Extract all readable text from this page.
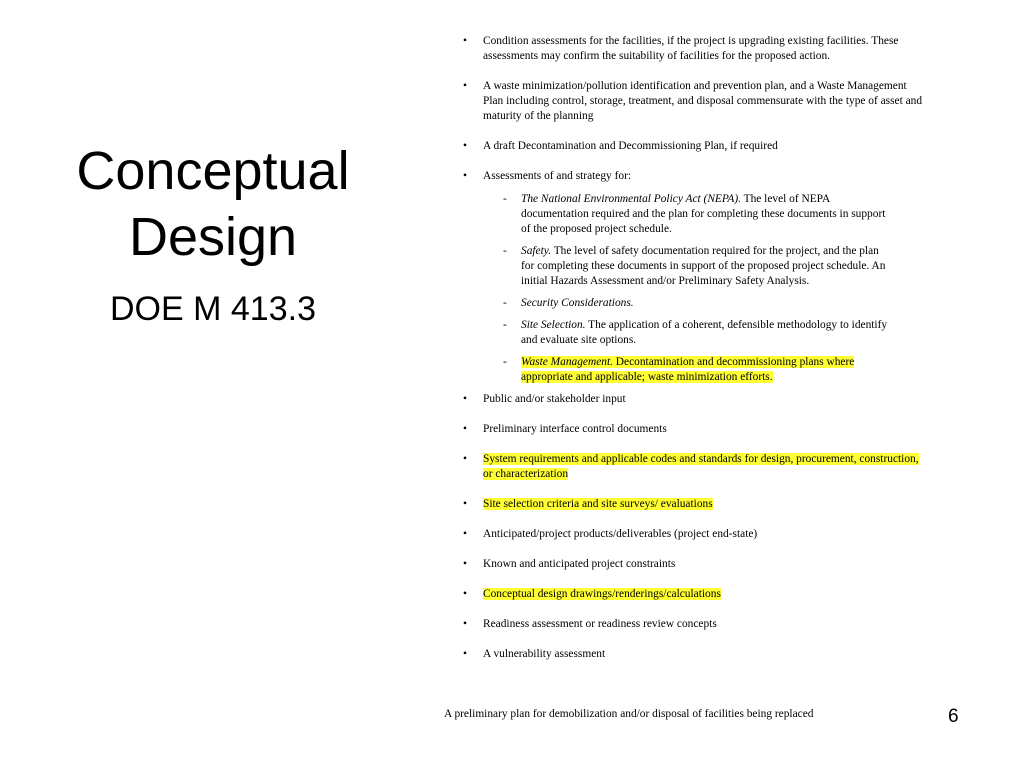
Conceptual
Design
DOE M 413.3
•	Condition assessments for the facilities, if the project is upgrading existing facilities. These assessments may confirm the suitability of facilities for the proposed action.
•	A waste minimization/pollution identification and prevention plan, and a Waste Management Plan including control, storage, treatment, and disposal commensurate with the type of asset and maturity of the planning
•	A draft Decontamination and Decommissioning Plan, if required
•	Assessments of and strategy for:
- The National Environmental Policy Act (NEPA). The level of NEPA documentation required and the plan for completing these documents in support of the proposed project schedule.
- Safety. The level of safety documentation required for the project, and the plan for completing these documents in support of the proposed project schedule. An initial Hazards Assessment and/or Preliminary Safety Analysis.
- Security Considerations.
- Site Selection. The application of a coherent, defensible methodology to identify and evaluate site options.
- Waste Management. Decontamination and decommissioning plans where appropriate and applicable; waste minimization efforts.
•	Public and/or stakeholder input
•	Preliminary interface control documents
•	System requirements and applicable codes and standards for design, procurement, construction, or characterization
•	Site selection criteria and site surveys/ evaluations
•	Anticipated/project products/deliverables (project end-state)
•	Known and anticipated project constraints
•	Conceptual design drawings/renderings/calculations
•	Readiness assessment or readiness review concepts
•	A vulnerability assessment
A preliminary plan for demobilization and/or disposal of facilities being replaced	6
